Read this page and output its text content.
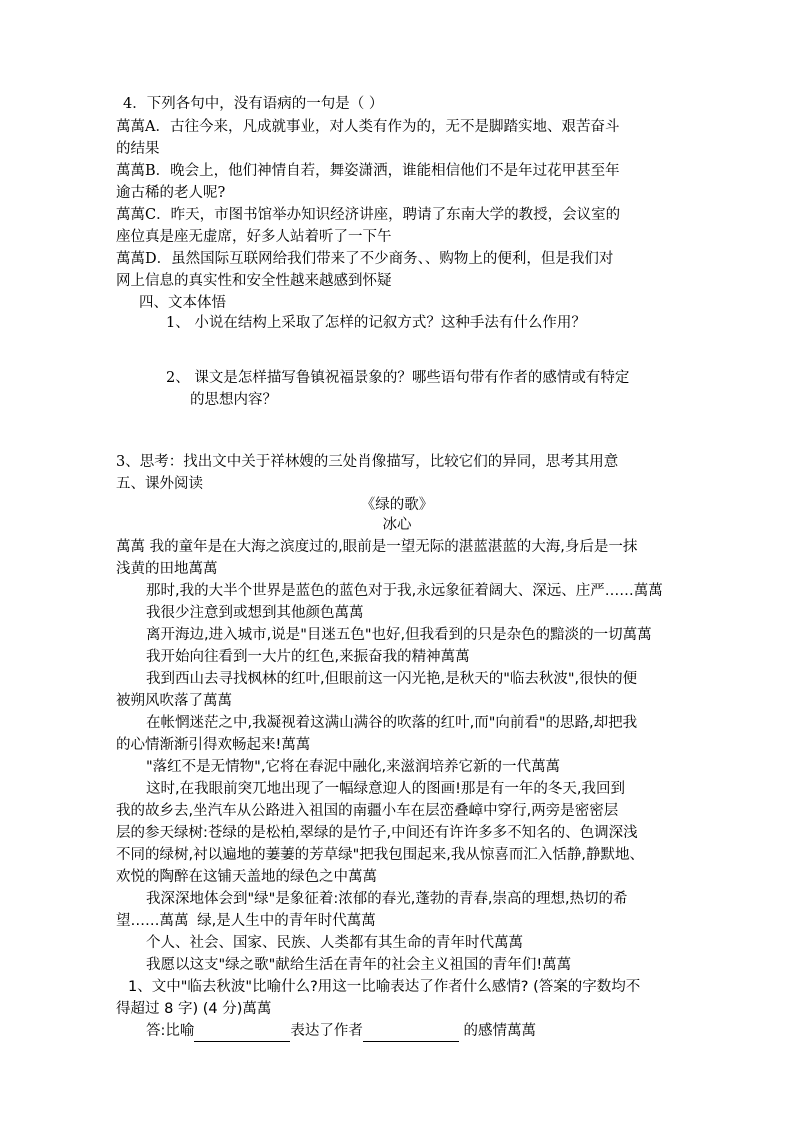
4．下列各句中，没有语病的一句是（ ）
萬萬A．古往今来，凡成就事业，对人类有作为的，无不是脚踏实地、艰苦奋斗
的结果
萬萬B．晚会上，他们神情自若，舞姿潇洒，谁能相信他们不是年过花甲甚至年
逾古稀的老人呢?
萬萬C．昨天，市图书馆举办知识经济讲座，聘请了东南大学的教授，会议室的
座位真是座无虚席，好多人站着听了一下午
萬萬D．虽然国际互联网给我们带来了不少商务、、购物上的便利，但是我们对
网上信息的真实性和安全性越来越感到怀疑
四、文本体悟
1、 小说在结构上采取了怎样的记叙方式？这种手法有什么作用？
2、 课文是怎样描写鲁镇祝福景象的？哪些语句带有作者的感情或有特定
的思想内容？
3、思考：找出文中关于祥林嫂的三处肖像描写，比较它们的异同，思考其用意
五、课外阅读
《绿的歌》
冰心
萬萬 我的童年是在大海之滨度过的,眼前是一望无际的湛蓝湛蓝的大海,身后是一抹
浅黄的田地萬萬
那时,我的大半个世界是蓝色的蓝色对于我,永远象征着阔大、深远、庄严……萬萬
我很少注意到或想到其他颜色萬萬
离开海边,进入城市,说是"目迷五色"也好,但我看到的只是杂色的黯淡的一切萬萬
我开始向往看到一大片的红色,来振奋我的精神萬萬
我到西山去寻找枫林的红叶,但眼前这一闪光艳,是秋天的"临去秋波",很快的便
被朔风吹落了萬萬
在帐惘迷茫之中,我凝视着这满山满谷的吹落的红叶,而"向前看"的思路,却把我
的心情渐渐引得欢畅起来!萬萬
"落红不是无情物",它将在春泥中融化,来滋润培养它新的一代萬萬
这时,在我眼前突兀地出现了一幅绿意迎人的图画!那是有一年的冬天,我回到
我的故乡去,坐汽车从公路进入祖国的南疆小车在层峦叠嶂中穿行,两旁是密密层
层的参天绿树:苍绿的是松柏,翠绿的是竹子,中间还有许许多多不知名的、色调深浅
不同的绿树,衬以遍地的萋萋的芳草绿"把我包围起来,我从惊喜而汇入恬静,静默地、
欢悦的陶醉在这铺天盖地的绿色之中萬萬
我深深地体会到"绿"是象征着:浓郁的春光,蓬勃的青春,崇高的理想,热切的希
望……萬萬 绿,是人生中的青年时代萬萬
个人、社会、国家、民族、人类都有其生命的青年时代萬萬
我愿以这支"绿之歌"献给生活在青年的社会主义祖国的青年们!萬萬
1、文中"临去秋波"比喻什么?用这一比喻表达了作者什么感情? (答案的字数均不
得超过 8 字) (4 分)萬萬
答:比喻	表达了作者	的感情萬萬
